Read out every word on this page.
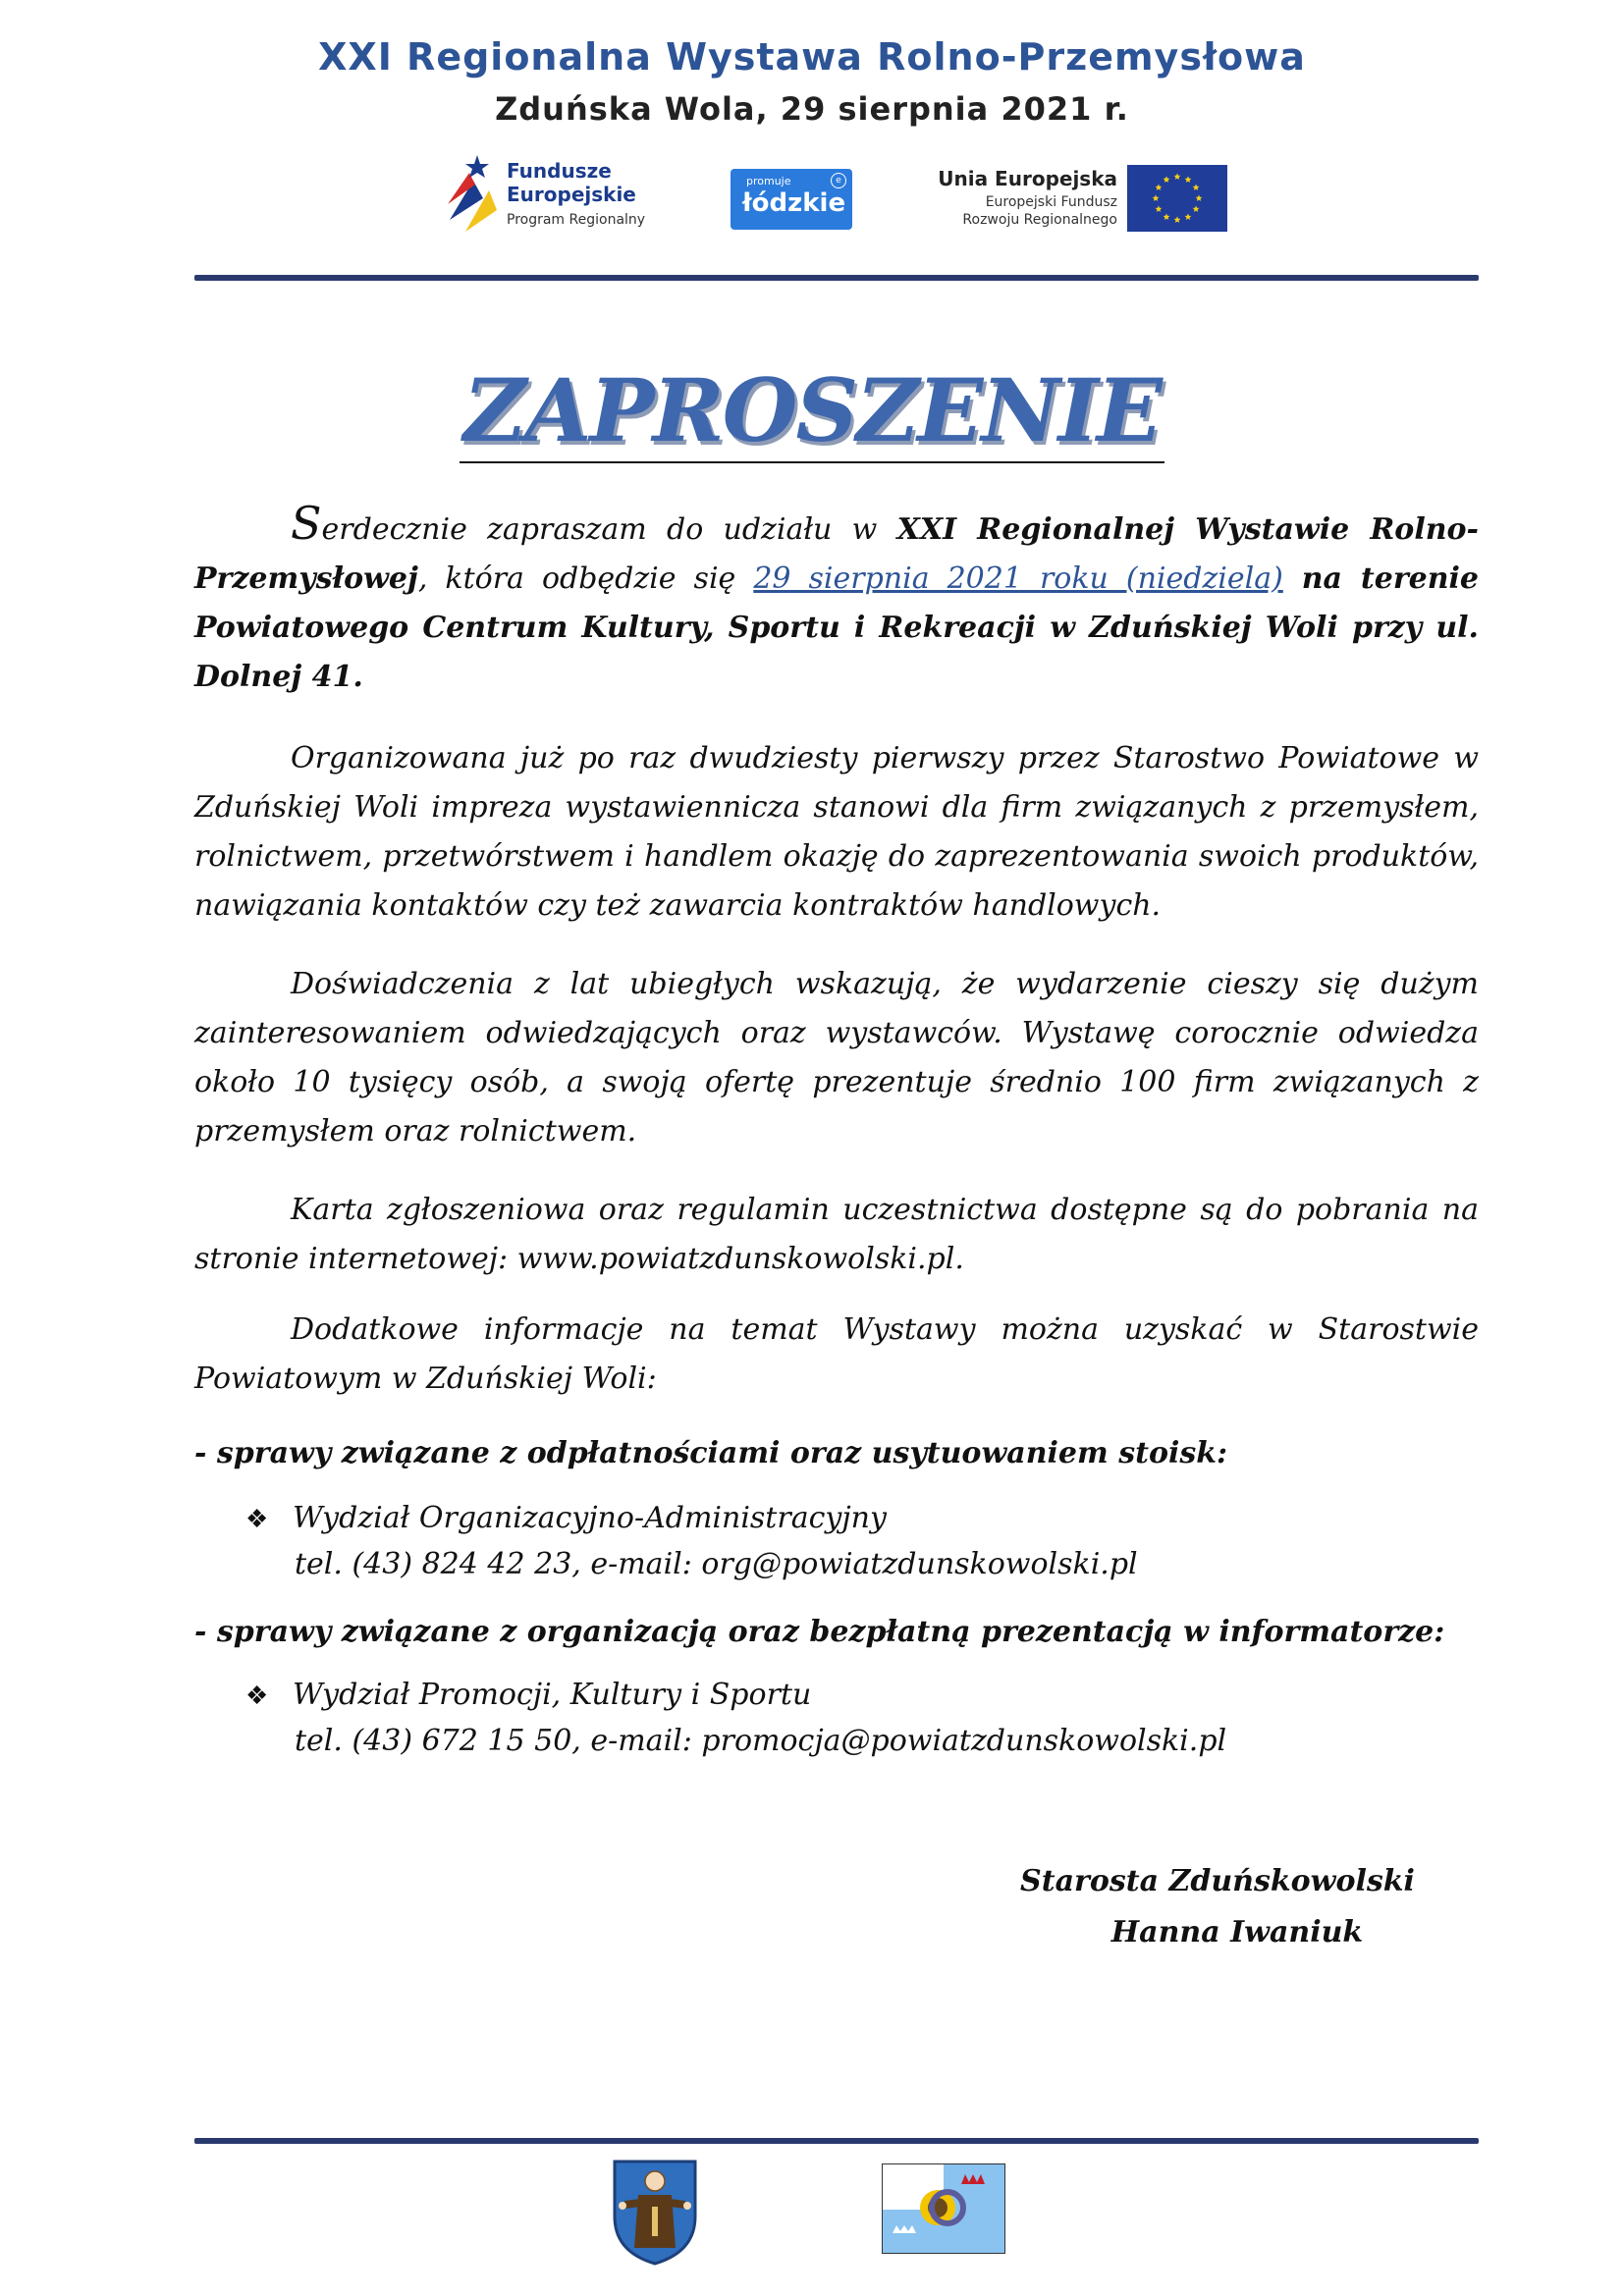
XXI Regionalna Wystawa Rolno-Przemysłowa
Zduńska Wola, 29 sierpnia 2021 r.
Fundusze
Europejskie
Program Regionalny
promuje
łódzkie
e	Unia Europejska
Europejski Fundusz
Rozwoju Regionalnego
ZAPROSZENIE
Serdecznie zapraszam do udziału w XXI Regionalnej Wystawie Rolno-Przemysłowej, która odbędzie się 29 sierpnia 2021 roku (niedziela) na terenie Powiatowego Centrum Kultury, Sportu i Rekreacji w Zduńskiej Woli przy ul. Dolnej 41.
Organizowana już po raz dwudziesty pierwszy przez Starostwo Powiatowe w Zduńskiej Woli impreza wystawiennicza stanowi dla firm związanych z przemysłem, rolnictwem, przetwórstwem i handlem okazję do zaprezentowania swoich produktów, nawiązania kontaktów czy też zawarcia kontraktów handlowych.
Doświadczenia z lat ubiegłych wskazują, że wydarzenie cieszy się dużym zainteresowaniem odwiedzających oraz wystawców. Wystawę corocznie odwiedza około 10 tysięcy osób, a swoją ofertę prezentuje średnio 100 firm związanych z przemysłem oraz rolnictwem.
Karta zgłoszeniowa oraz regulamin uczestnictwa dostępne są do pobrania na stronie internetowej: www.powiatzdunskowolski.pl.
Dodatkowe informacje na temat Wystawy można uzyskać w Starostwie Powiatowym w Zduńskiej Woli:
- sprawy związane z odpłatnościami oraz usytuowaniem stoisk:
❖ Wydział Organizacyjno-Administracyjny
tel. (43) 824 42 23, e-mail: org@powiatzdunskowolski.pl
- sprawy związane z organizacją oraz bezpłatną prezentacją w informatorze:
❖ Wydział Promocji, Kultury i Sportu
tel. (43) 672 15 50, e-mail: promocja@powiatzdunskowolski.pl
Starosta Zduńskowolski
Hanna Iwaniuk
